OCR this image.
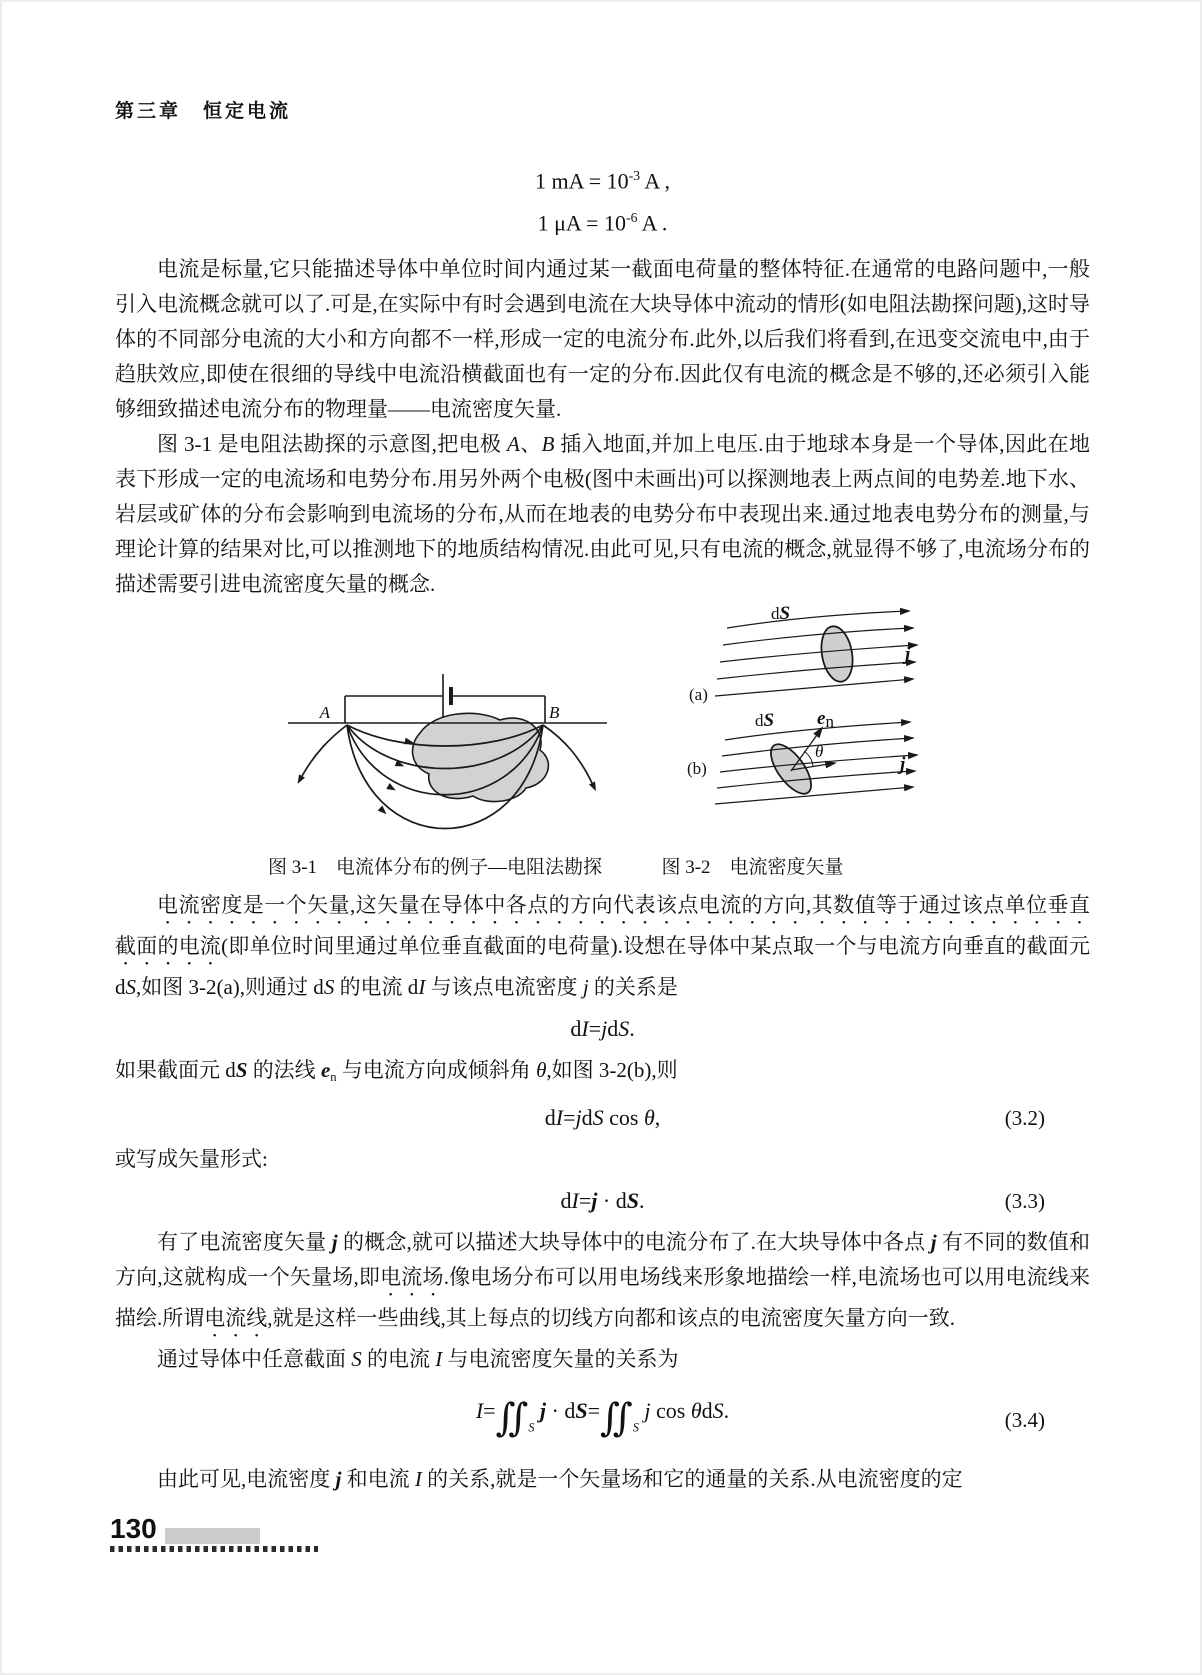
第三章　恒定电流
1 mA = $10^{-3}$ A ,
1 $\mu A = 10^{-6}$ A .

电流是标量,它只能描述导体中单位时间内通过某一截面电荷量的整体特征.在通常的电路问题中,一般引入电流概念就可以了.可是,在实际中有时会遇到电流在大块导体中流动的情形(如电阻法勘探问题),这时导体的不同部分电流的大小和方向都不一样,形成一定的电流分布.此外,以后我们将看到,在迅变交流电中,由于趋肤效应,即使在很细的导线中电流沿横截面也有一定的分布.因此仅有电流的概念是不够的,还必须引入能够细致描述电流分布的物理量——电流密度矢量.

图 3-1 是电阻法勘探的示意图,把电极 A、B 插入地面,并加上电压.由于地球本身是一个导体,因此在地表下形成一定的电流场和电势分布.用另外两个电极(图中未画出)可以探测地表上两点间的电势差.地下水、岩层或矿体的分布会影响到电流场的分布,从而在地表的电势分布中表现出来.通过地表电势分布的测量,与理论计算的结果对比,可以推测地下的地质结构情况.由此可见,只有电流的概念,就显得不够了,电流场分布的描述需要引进电流密度矢量的概念.

A	B
dS
j
(a)
dS en
θ
j
(b)
图 3-1　电流体分布的例子—电阻法勘探	图 3-2　电流密度矢量

电流密度是一个矢量,这矢量在导体中各点的方向代表该点电流的方向,其数值等于通过该点单位垂直截面的电流(即单位时间里通过单位垂直截面的电荷量).设想在导体中某点取一个与电流方向垂直的截面元 dS,如图 3-2(a),则通过 dS 的电流 dI 与该点电流密度 j 的关系是

dI=jdS.

如果截面元 dS 的法线 en 与电流方向成倾斜角 θ,如图 3-2(b),则

dI=jdS cos θ,	(3.2)

或写成矢量形式:

dI=j · dS.	(3.3)

有了电流密度矢量 j 的概念,就可以描述大块导体中的电流分布了.在大块导体中各点 j 有不同的数值和方向,这就构成一个矢量场,即电流场.像电场分布可以用电场线来形象地描绘一样,电流场也可以用电流线来描绘.所谓电流线,就是这样一些曲线,其上每点的切线方向都和该点的电流密度矢量方向一致.

通过导体中任意截面 S 的电流 I 与电流密度矢量的关系为

$I=∬_S$ $j \cdot dS=∬_S$ j cos θdS.	(3.4)

由此可见,电流密度 j 和电流 I 的关系,就是一个矢量场和它的通量的关系.从电流密度的定

130
